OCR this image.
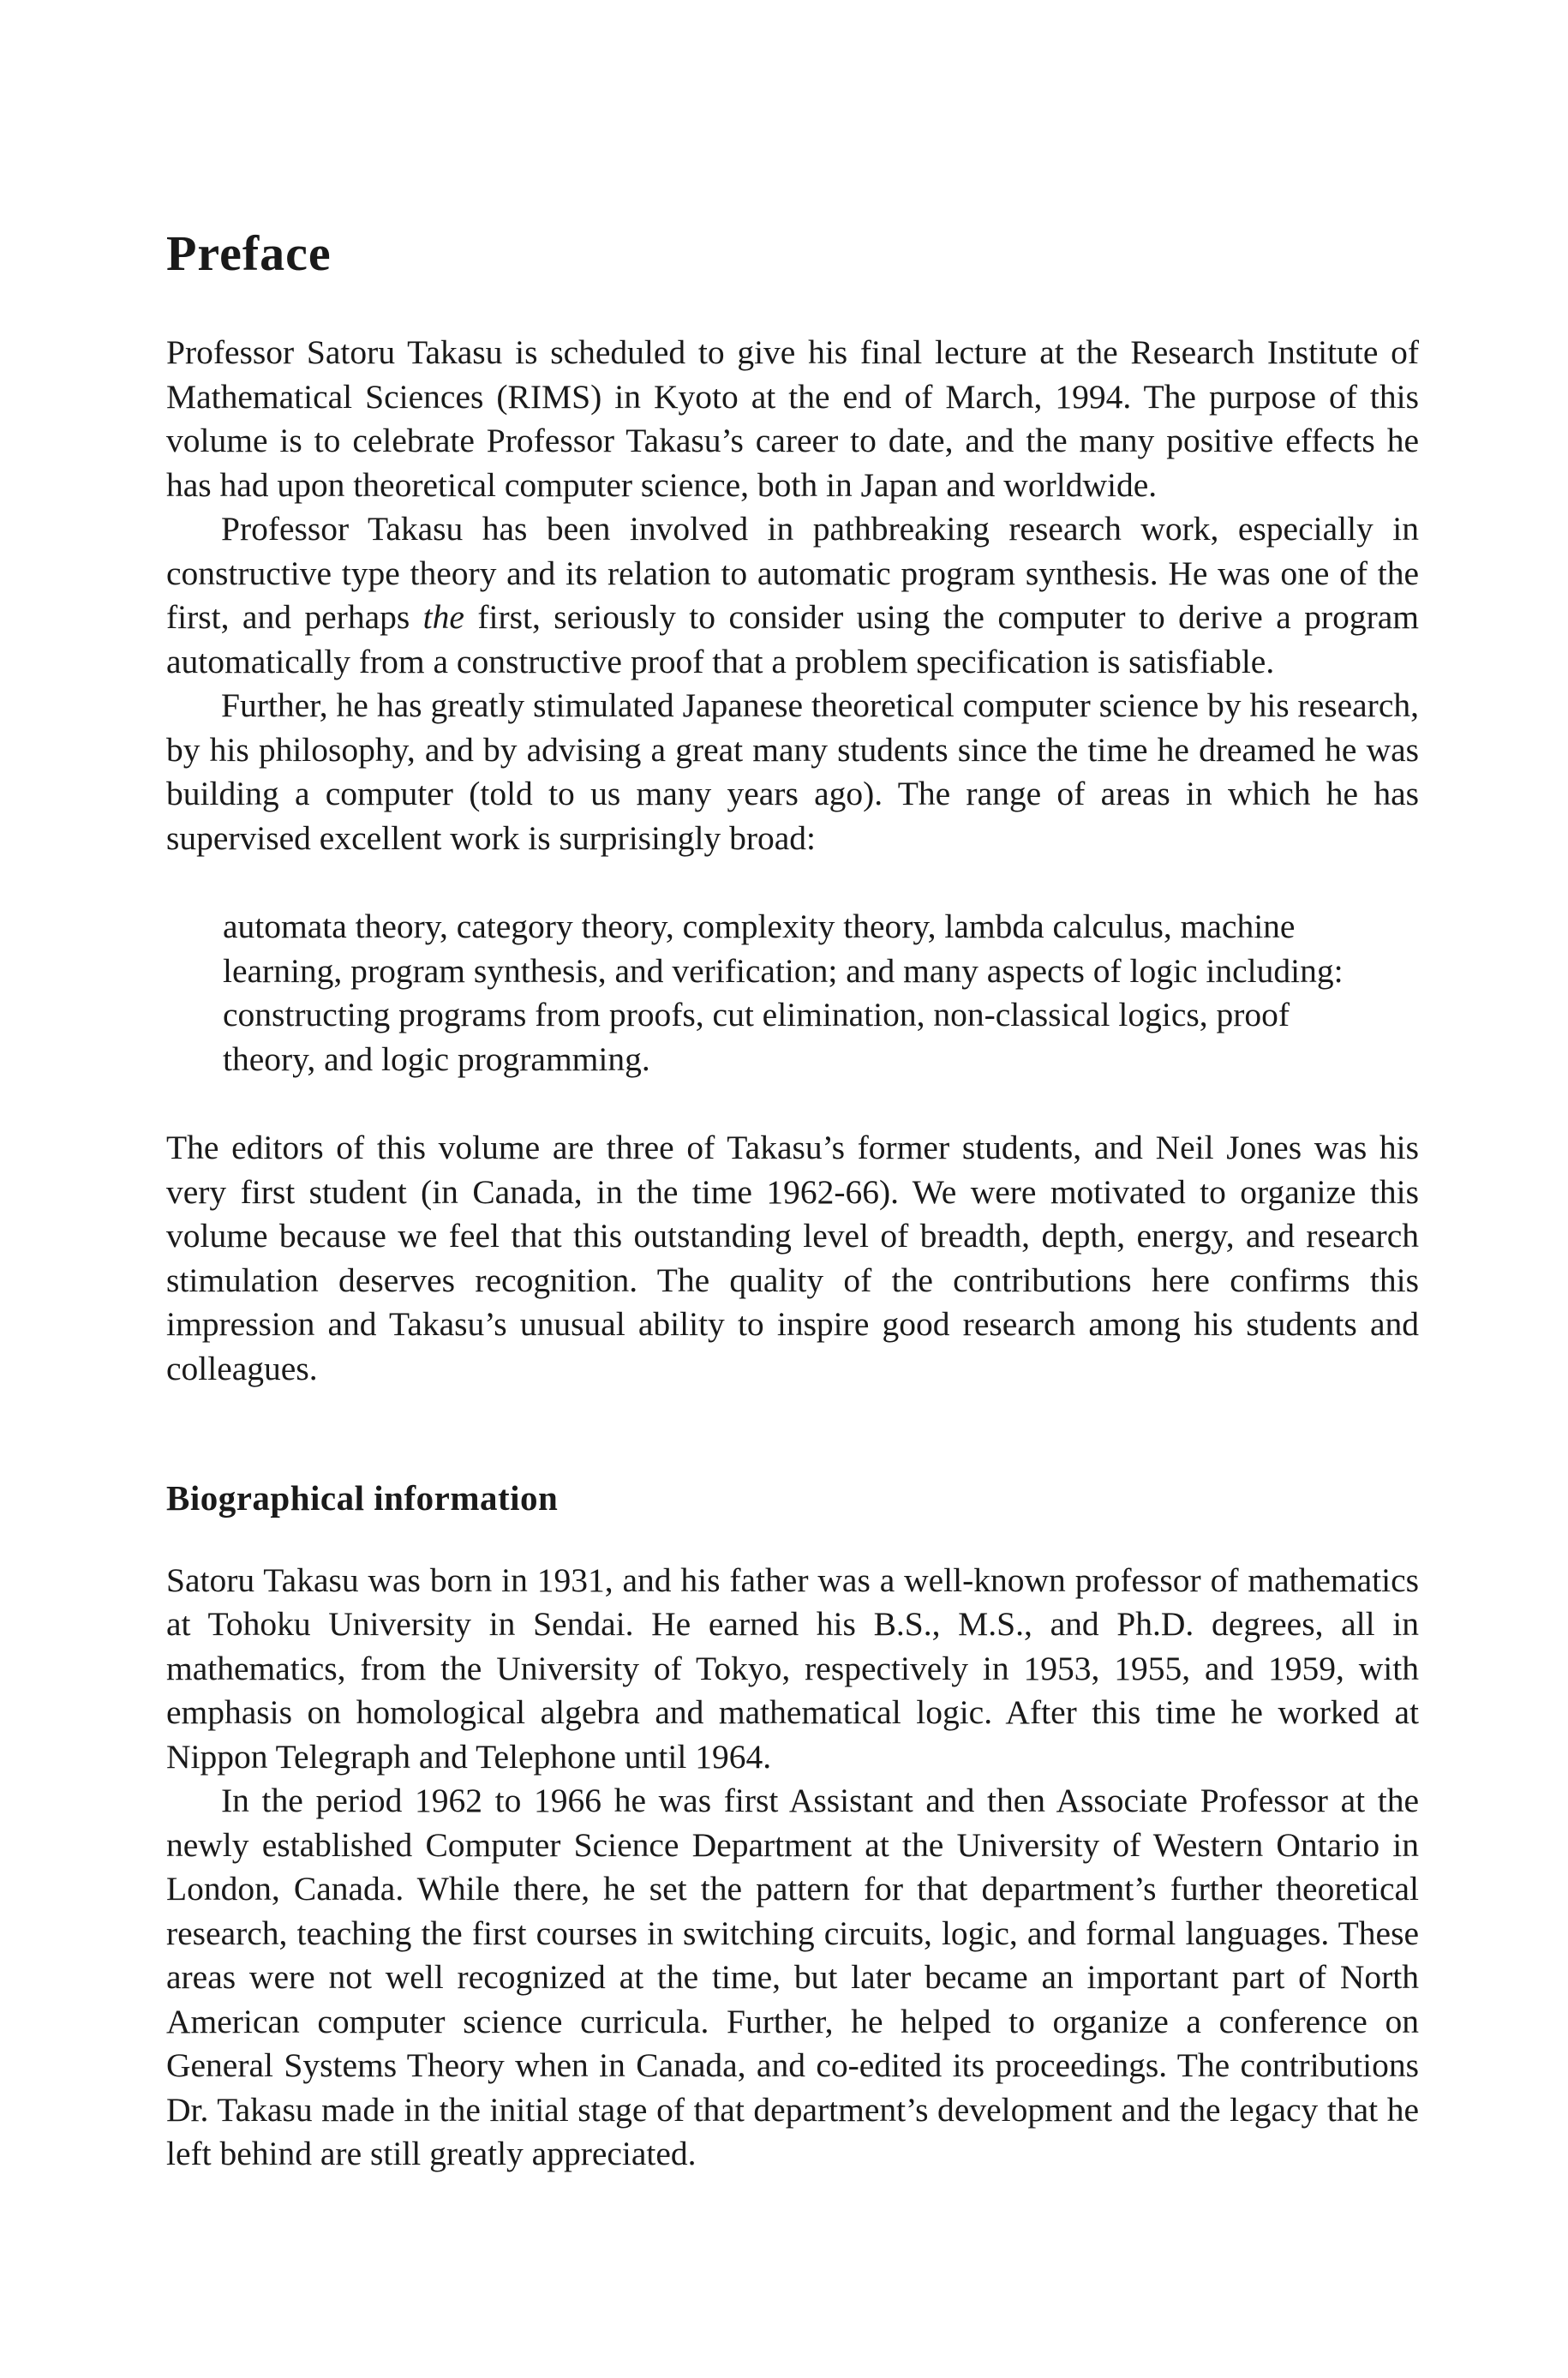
Preface

Professor Satoru Takasu is scheduled to give his final lecture at the Research Institute of Mathematical Sciences (RIMS) in Kyoto at the end of March, 1994. The purpose of this volume is to celebrate Professor Takasu’s career to date, and the many positive effects he has had upon theoretical computer science, both in Japan and worldwide.

Professor Takasu has been involved in pathbreaking research work, especially in constructive type theory and its relation to automatic program synthesis. He was one of the first, and perhaps the first, seriously to consider using the computer to derive a program automatically from a constructive proof that a problem specification is satisfiable.

Further, he has greatly stimulated Japanese theoretical computer science by his research, by his philosophy, and by advising a great many students since the time he dreamed he was building a computer (told to us many years ago). The range of areas in which he has supervised excellent work is surprisingly broad:

automata theory, category theory, complexity theory, lambda calculus, machine learning, program synthesis, and verification; and many aspects of logic including: constructing programs from proofs, cut elimination, non-classical logics, proof theory, and logic programming.

The editors of this volume are three of Takasu’s former students, and Neil Jones was his very first student (in Canada, in the time 1962-66). We were motivated to organize this volume because we feel that this outstanding level of breadth, depth, energy, and research stimulation deserves recognition. The quality of the contributions here confirms this impression and Takasu’s unusual ability to inspire good research among his students and colleagues.

Biographical information

Satoru Takasu was born in 1931, and his father was a well-known professor of mathematics at Tohoku University in Sendai. He earned his B.S., M.S., and Ph.D. degrees, all in mathematics, from the University of Tokyo, respectively in 1953, 1955, and 1959, with emphasis on homological algebra and mathematical logic. After this time he worked at Nippon Telegraph and Telephone until 1964.

In the period 1962 to 1966 he was first Assistant and then Associate Professor at the newly established Computer Science Department at the University of Western Ontario in London, Canada. While there, he set the pattern for that department’s further theoretical research, teaching the first courses in switching circuits, logic, and formal languages. These areas were not well recognized at the time, but later became an important part of North American computer science curricula. Further, he helped to organize a conference on General Systems Theory when in Canada, and co-edited its proceedings. The contributions Dr. Takasu made in the initial stage of that department’s development and the legacy that he left behind are still greatly appreciated.
